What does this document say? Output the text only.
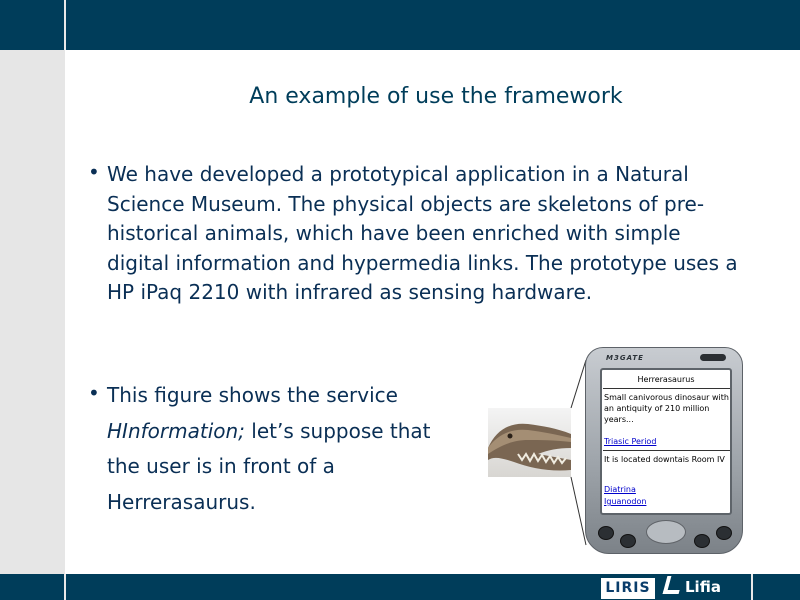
LIRIS	Lifia
An example of use the framework
• We have developed a prototypical application in a Natural Science Museum. The physical objects are skeletons of pre-historical animals, which have been enriched with simple digital information and hypermedia links. The prototype uses a HP iPaq 2210 with infrared as sensing hardware.
• This figure shows the service HInformation; let’s suppose that the user is in front of a Herrerasaurus.
M3GATE
Herrerasaurus
Small canivorous dinosaur with an antiquity of 210 million years...
Triasic Period
It is located downtais Room IV
Diatrina
Iguanodon
